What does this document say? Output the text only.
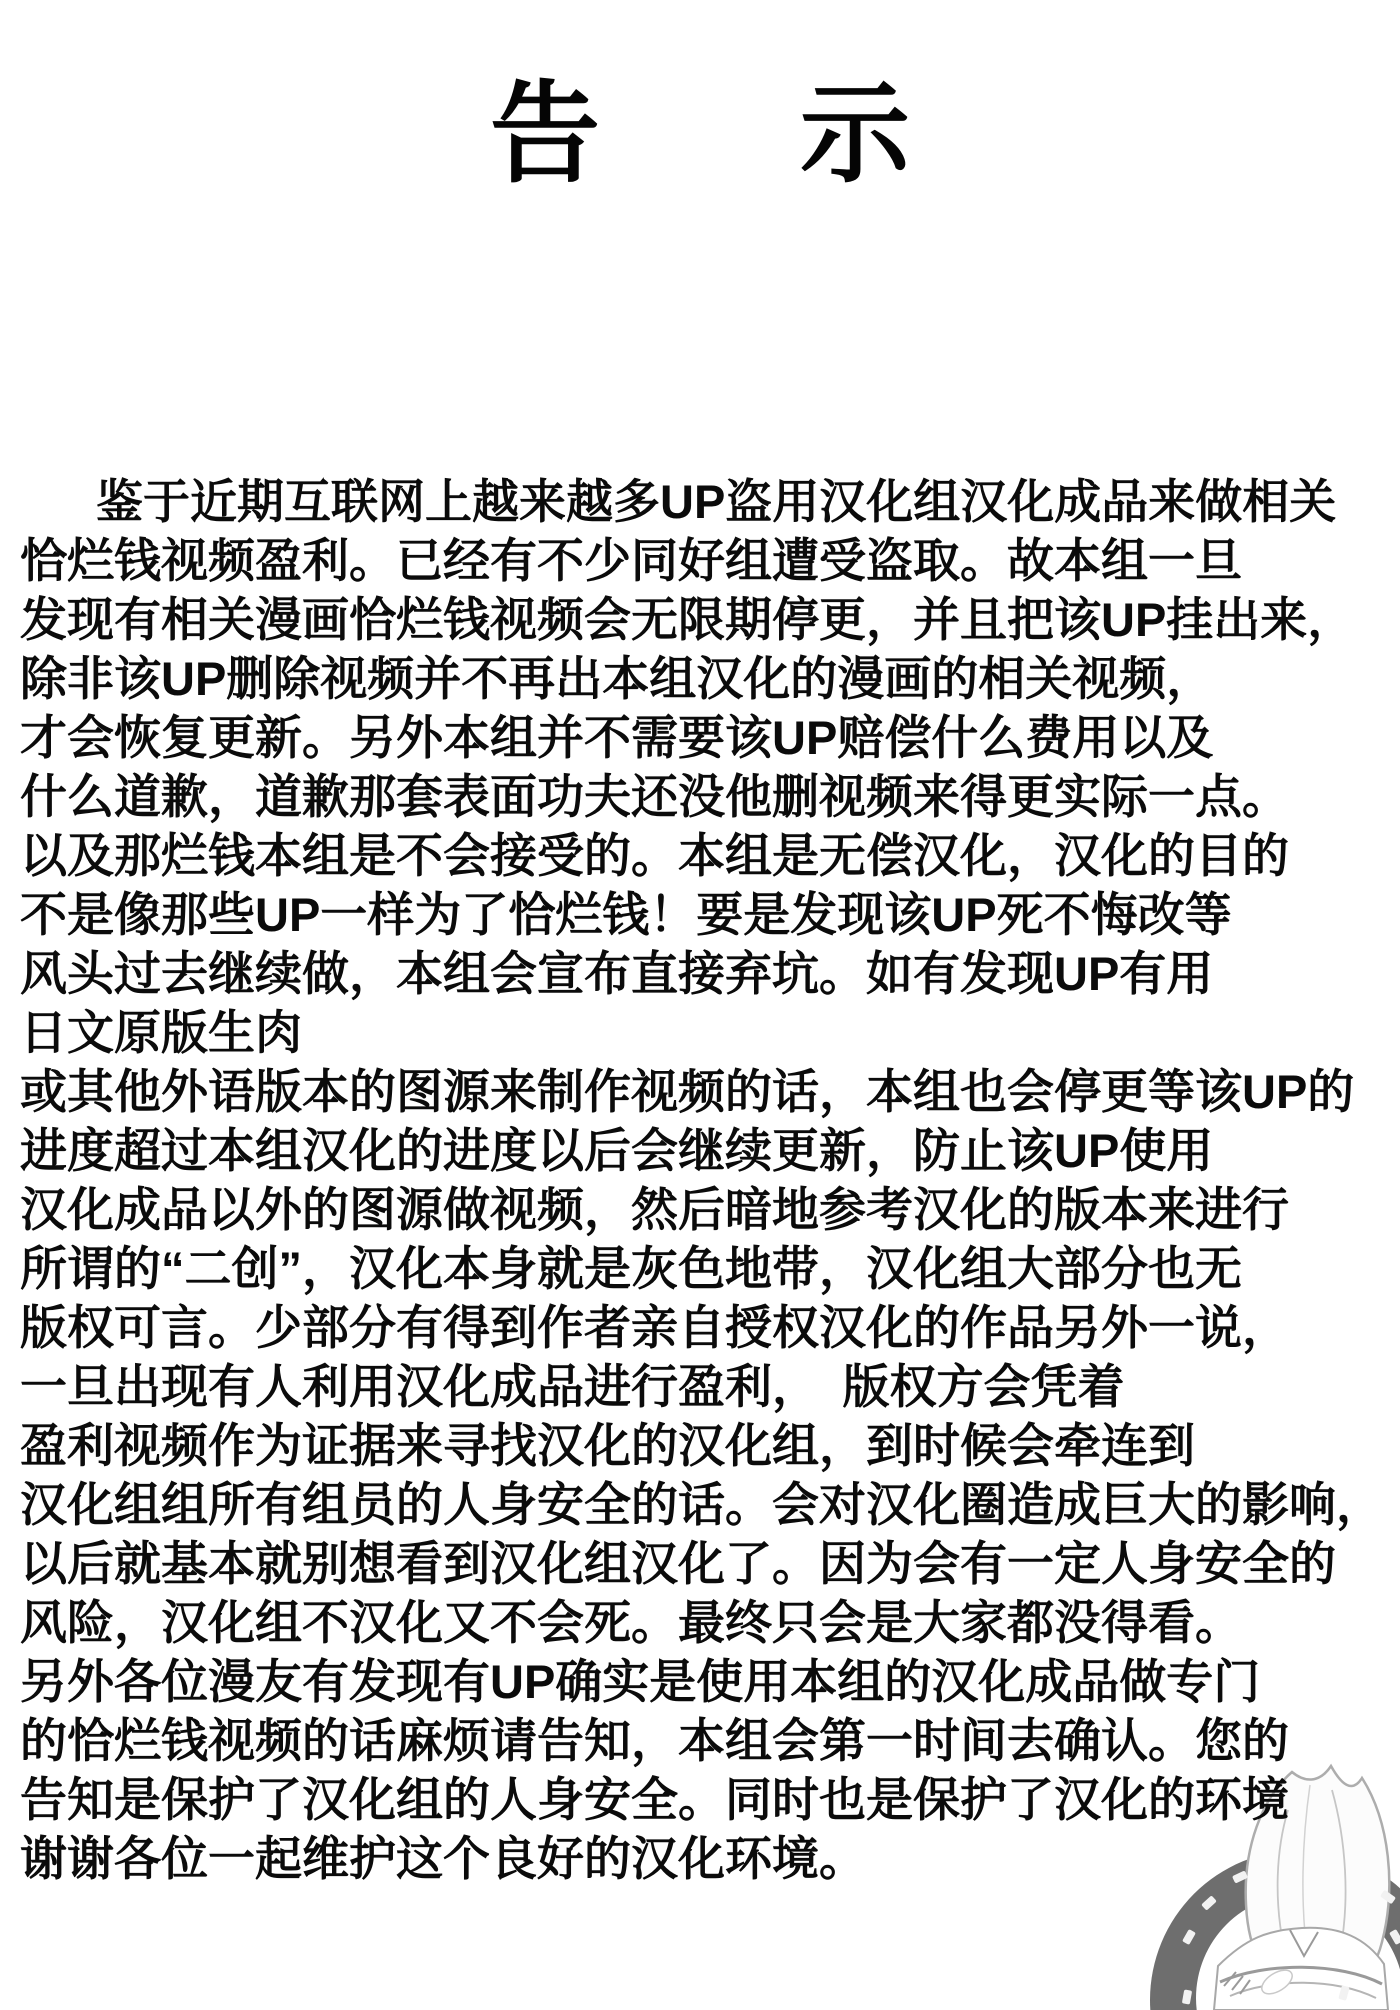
告 示

鉴于近期互联网上越来越多UP盗用汉化组汉化成品来做相关

恰烂钱视频盈利。已经有不少同好组遭受盗取。故本组一旦

发现有相关漫画恰烂钱视频会无限期停更，并且把该UP挂出来，

除非该UP删除视频并不再出本组汉化的漫画的相关视频，

才会恢复更新。另外本组并不需要该UP赔偿什么费用以及

什么道歉，道歉那套表面功夫还没他删视频来得更实际一点。

以及那烂钱本组是不会接受的。本组是无偿汉化，汉化的目的

不是像那些UP一样为了恰烂钱！要是发现该UP死不悔改等

风头过去继续做，本组会宣布直接弃坑。如有发现UP有用

日文原版生肉

或其他外语版本的图源来制作视频的话，本组也会停更等该UP的

进度超过本组汉化的进度以后会继续更新，防止该UP使用

汉化成品以外的图源做视频，然后暗地参考汉化的版本来进行

所谓的“二创”，汉化本身就是灰色地带，汉化组大部分也无

版权可言。少部分有得到作者亲自授权汉化的作品另外一说，

一旦出现有人利用汉化成品进行盈利，　版权方会凭着

盈利视频作为证据来寻找汉化的汉化组，到时候会牵连到

汉化组组所有组员的人身安全的话。会对汉化圈造成巨大的影响，

以后就基本就别想看到汉化组汉化了。因为会有一定人身安全的

风险，汉化组不汉化又不会死。最终只会是大家都没得看。

另外各位漫友有发现有UP确实是使用本组的汉化成品做专门

的恰烂钱视频的话麻烦请告知，本组会第一时间去确认。您的

告知是保护了汉化组的人身安全。同时也是保护了汉化的环境

谢谢各位一起维护这个良好的汉化环境。
